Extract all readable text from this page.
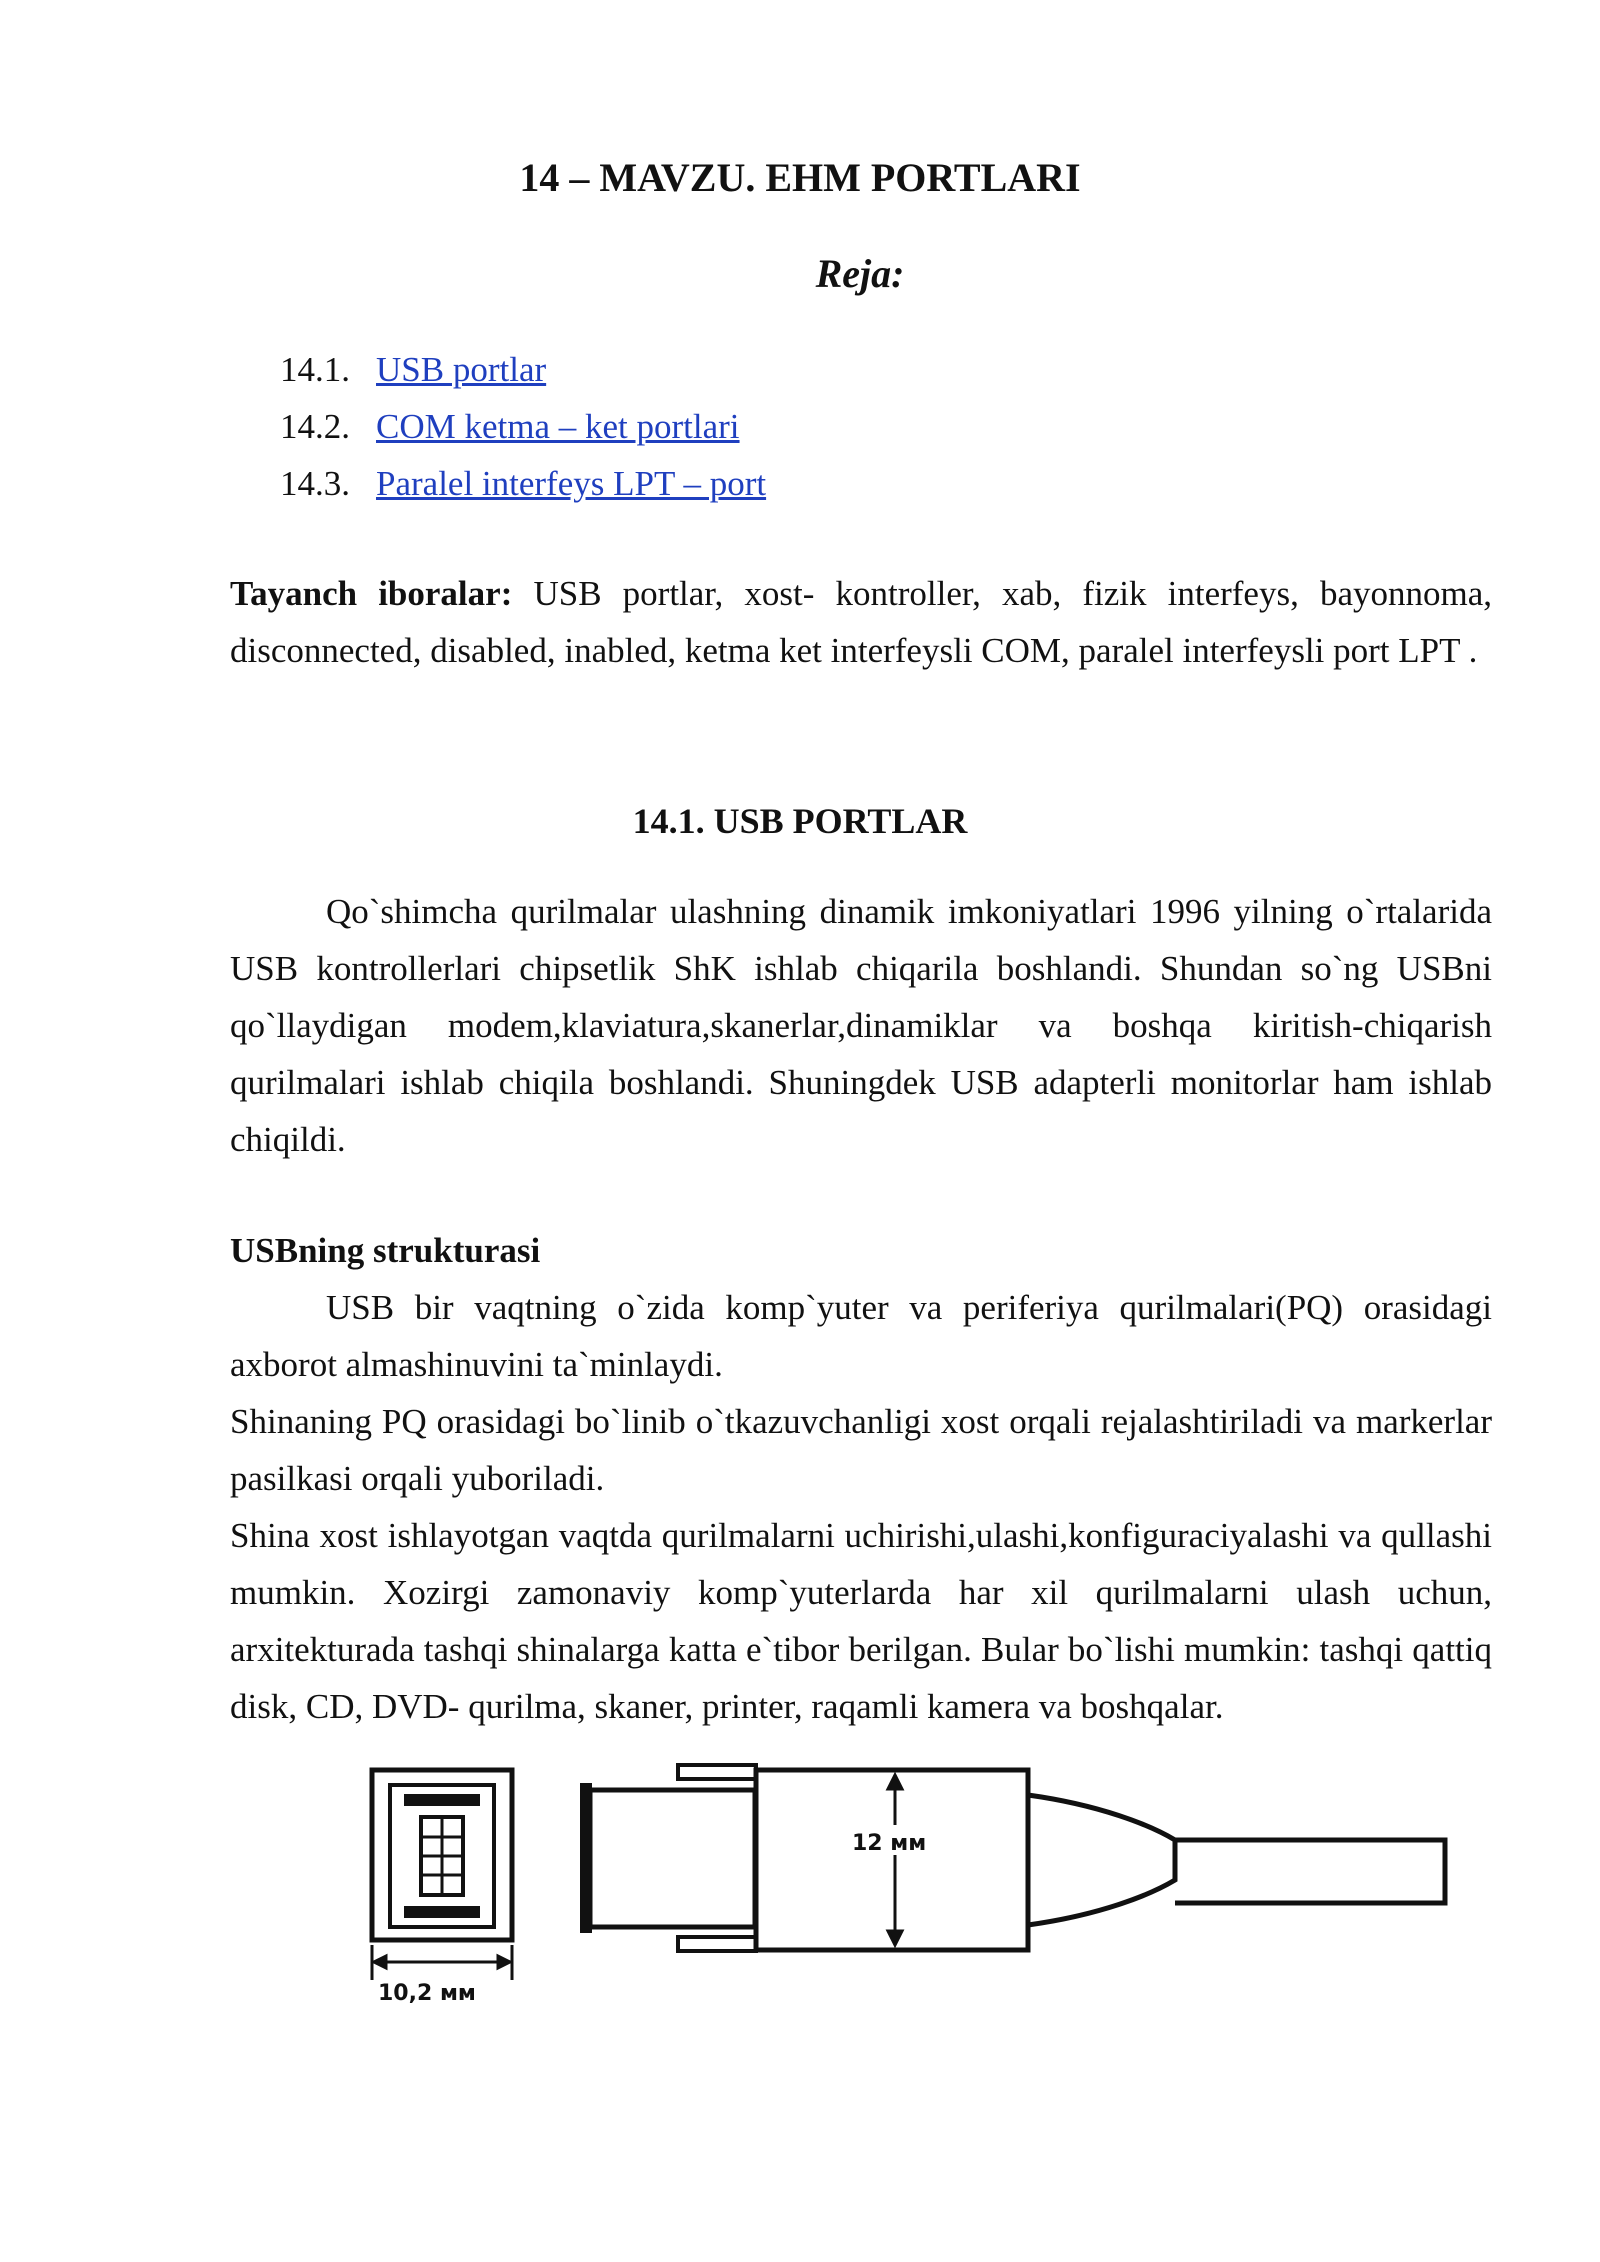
14 – MAVZU. EHM PORTLARI
Reja:
14.1. USB portlar
14.2. COM ketma – ket portlari
14.3. Paralel interfeys LPT – port

Tayanch iboralar: USB portlar, xost- kontroller, xab, fizik interfeys, bayonnoma, disconnected, disabled, inabled, ketma ket interfeysli COM, paralel interfeysli port LPT .

14.1. USB PORTLAR

Qo`shimcha qurilmalar ulashning dinamik imkoniyatlari 1996 yilning o`rtalarida USB kontrollerlari chipsetlik ShK ishlab chiqarila boshlandi. Shundan so`ng USBni qo`llaydigan modem,klaviatura,skanerlar,dinamiklar va boshqa kiritish-chiqarish qurilmalari ishlab chiqila boshlandi. Shuningdek USB adapterli monitorlar ham ishlab chiqildi.

USBning strukturasi

USB bir vaqtning o`zida komp`yuter va periferiya qurilmalari(PQ) orasidagi axborot almashinuvini ta`minlaydi.

Shinaning PQ orasidagi bo`linib o`tkazuvchanligi xost orqali rejalashtiriladi va markerlar pasilkasi orqali yuboriladi.

Shina xost ishlayotgan vaqtda qurilmalarni uchirishi,ulashi,konfiguraciyalashi va qullashi mumkin. Xozirgi zamonaviy komp`yuterlarda har xil qurilmalarni ulash uchun, arxitekturada tashqi shinalarga katta e`tibor berilgan. Bular bo`lishi mumkin: tashqi qattiq disk, CD, DVD- qurilma, skaner, printer, raqamli kamera va boshqalar.

10,2 мм
12 мм
